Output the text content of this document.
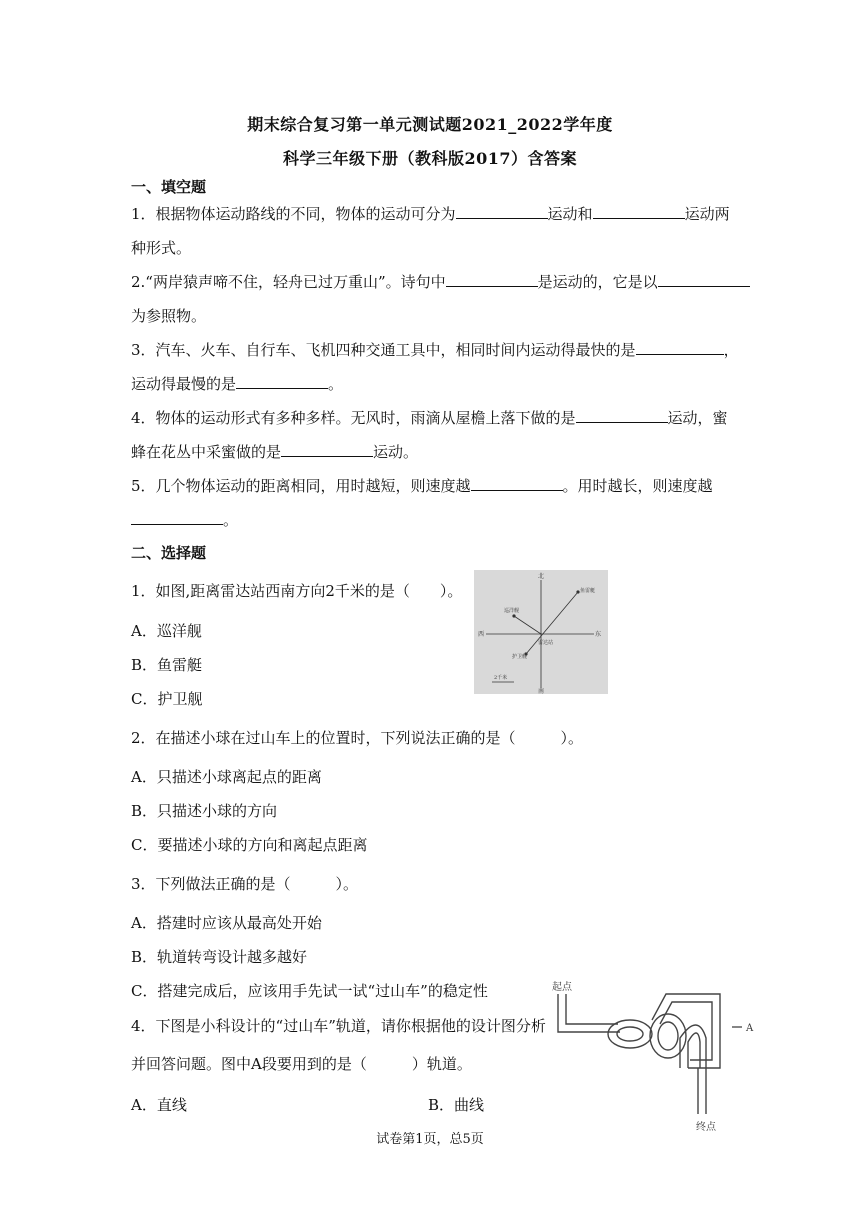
期末综合复习第一单元测试题2021_2022学年度
科学三年级下册（教科版2017）含答案
一、填空题
1．根据物体运动路线的不同，物体的运动可分为	运动和	运动两
种形式。
2.“两岸猿声啼不住，轻舟已过万重山”。诗句中	是运动的，它是以
为参照物。
3．汽车、火车、自行车、飞机四种交通工具中，相同时间内运动得最快的是	，
运动得最慢的是	。
4．物体的运动形式有多种多样。无风时，雨滴从屋檐上落下做的是	运动，蜜
蜂在花丛中采蜜做的是	运动。
5．几个物体运动的距离相同，用时越短，则速度越	。用时越长，则速度越
。
二、选择题
1．如图,距离雷达站西南方向2千米的是（　　）。
A．巡洋舰
B．鱼雷艇
C．护卫舰
北
南
东
西
鱼雷艇
巡洋舰
雷达站
护卫舰
2千米
2．在描述小球在过山车上的位置时，下列说法正确的是（　　　）。
A．只描述小球离起点的距离
B．只描述小球的方向
C．要描述小球的方向和离起点距离
3．下列做法正确的是（　　　）。
A．搭建时应该从最高处开始
B．轨道转弯设计越多越好
C．搭建完成后，应该用手先试一试“过山车”的稳定性
4．下图是小科设计的“过山车”轨道，请你根据他的设计图分析
并回答问题。图中A段要用到的是（　　　）轨道。
A．直线	B．曲线
起点
A
终点
试卷第1页，总5页
